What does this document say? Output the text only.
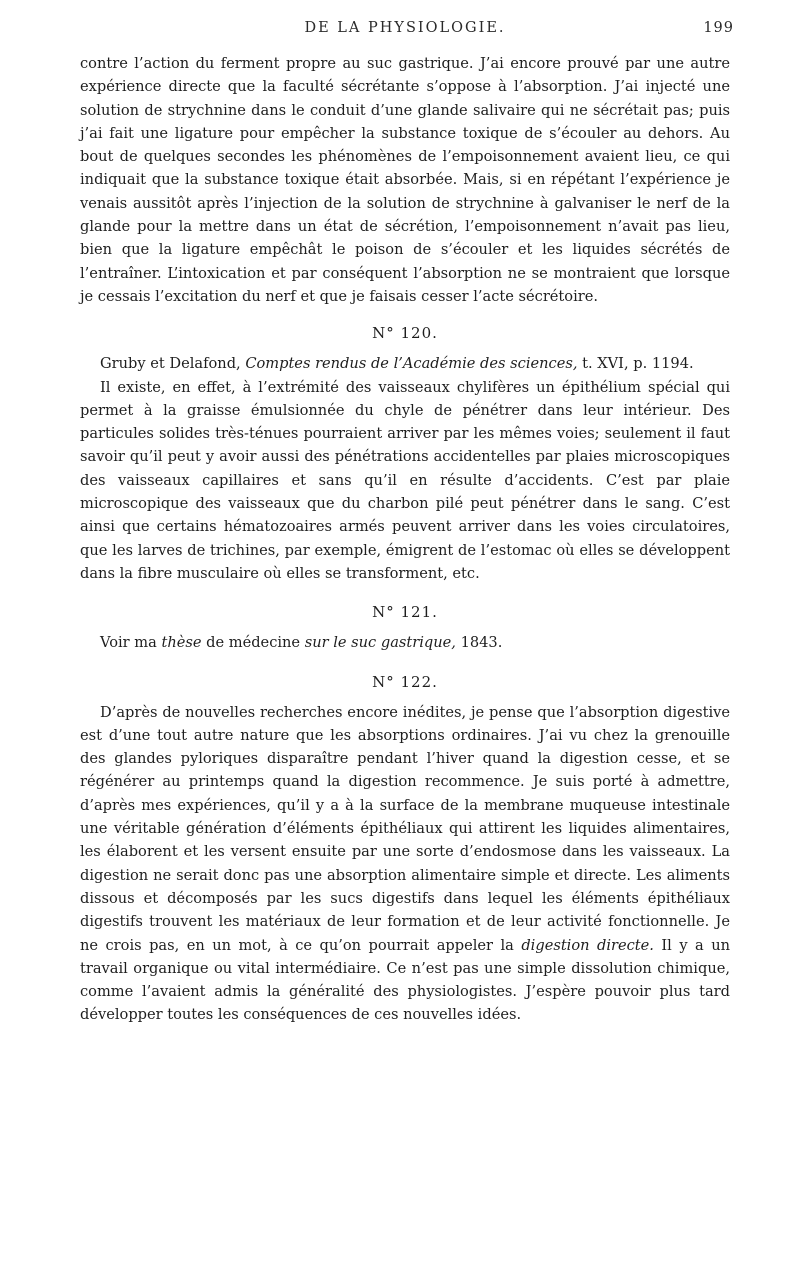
DE LA PHYSIOLOGIE.	199

contre l’action du ferment propre au suc gastrique. J’ai encore prouvé par une autre expérience directe que la faculté sécrétante s’oppose à l’absorption. J’ai injecté une solution de strychnine dans le conduit d’une glande salivaire qui ne sécrétait pas; puis j’ai fait une ligature pour empêcher la substance toxique de s’écouler au dehors. Au bout de quelques secondes les phénomènes de l’empoisonnement avaient lieu, ce qui indiquait que la substance toxique était absorbée. Mais, si en répétant l’expérience je venais aussitôt après l’injection de la solution de strychnine à galvaniser le nerf de la glande pour la mettre dans un état de sécrétion, l’empoisonnement n’avait pas lieu, bien que la ligature empêchât le poison de s’écouler et les liquides sécrétés de l’entraîner. L’intoxication et par conséquent l’absorption ne se montraient que lorsque je cessais l’excitation du nerf et que je faisais cesser l’acte sécrétoire.

N° 120.

Gruby et Delafond, Comptes rendus de l’Académie des sciences, t. XVI, p. 1194.

Il existe, en effet, à l’extrémité des vaisseaux chylifères un épithélium spécial qui permet à la graisse émulsionnée du chyle de pénétrer dans leur intérieur. Des particules solides très-ténues pourraient arriver par les mêmes voies; seulement il faut savoir qu’il peut y avoir aussi des pénétrations accidentelles par plaies microscopiques des vaisseaux capillaires et sans qu’il en résulte d’accidents. C’est par plaie microscopique des vaisseaux que du charbon pilé peut pénétrer dans le sang. C’est ainsi que certains hématozoaires armés peuvent arriver dans les voies circulatoires, que les larves de trichines, par exemple, émigrent de l’estomac où elles se développent dans la fibre musculaire où elles se transforment, etc.

N° 121.

Voir ma thèse de médecine sur le suc gastrique, 1843.

N° 122.

D’après de nouvelles recherches encore inédites, je pense que l’absorption digestive est d’une tout autre nature que les absorptions ordinaires. J’ai vu chez la grenouille des glandes pyloriques disparaître pendant l’hiver quand la digestion cesse, et se régénérer au printemps quand la digestion recommence. Je suis porté à admettre, d’après mes expériences, qu’il y a à la surface de la membrane muqueuse intestinale une véritable génération d’éléments épithéliaux qui attirent les liquides alimentaires, les élaborent et les versent ensuite par une sorte d’endosmose dans les vaisseaux. La digestion ne serait donc pas une absorption alimentaire simple et directe. Les aliments dissous et décomposés par les sucs digestifs dans lequel les éléments épithéliaux digestifs trouvent les matériaux de leur formation et de leur activité fonctionnelle. Je ne crois pas, en un mot, à ce qu’on pourrait appeler la digestion directe. Il y a un travail organique ou vital intermédiaire. Ce n’est pas une simple dissolution chimique, comme l’avaient admis la généralité des physiologistes. J’espère pouvoir plus tard développer toutes les conséquences de ces nouvelles idées.
